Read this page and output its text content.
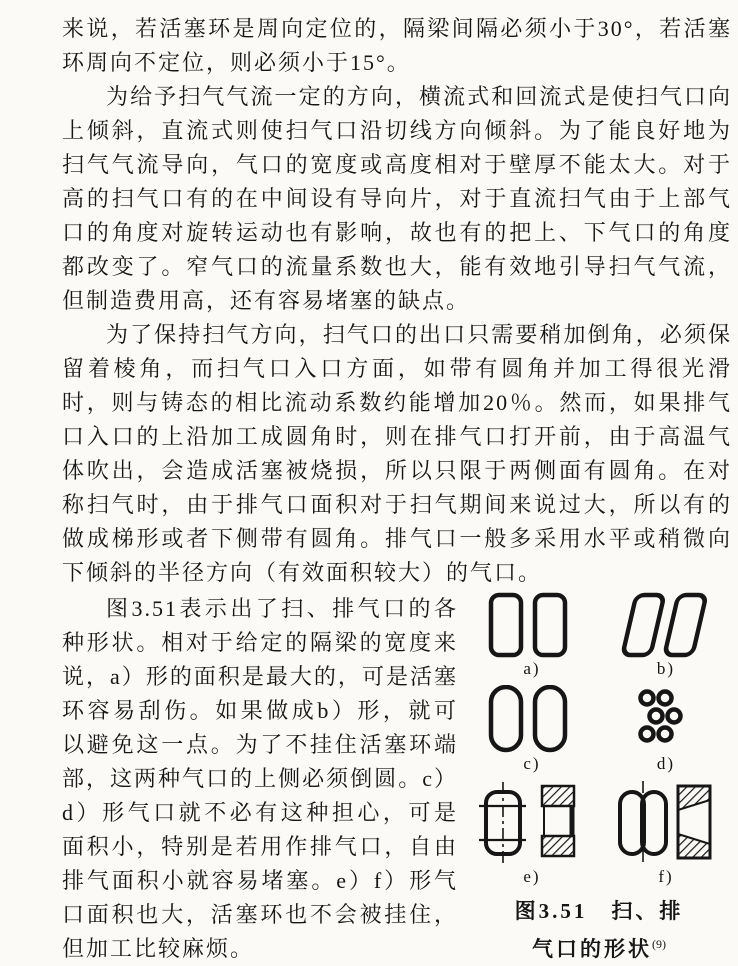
来说，若活塞环是周向定位的，隔梁间隔必须小于30°，若活塞环周向不定位，则必须小于15°。

为给予扫气气流一定的方向，横流式和回流式是使扫气口向上倾斜，直流式则使扫气口沿切线方向倾斜。为了能良好地为扫气气流导向，气口的宽度或高度相对于壁厚不能太大。对于高的扫气口有的在中间设有导向片，对于直流扫气由于上部气口的角度对旋转运动也有影响，故也有的把上、下气口的角度都改变了。窄气口的流量系数也大，能有效地引导扫气气流，但制造费用高，还有容易堵塞的缺点。

为了保持扫气方向，扫气口的出口只需要稍加倒角，必须保留着棱角，而扫气口入口方面，如带有圆角并加工得很光滑时，则与铸态的相比流动系数约能增加20％。然而，如果排气口入口的上沿加工成圆角时，则在排气口打开前，由于高温气体吹出，会造成活塞被烧损，所以只限于两侧面有圆角。在对称扫气时，由于排气口面积对于扫气期间来说过大，所以有的做成梯形或者下侧带有圆角。排气口一般多采用水平或稍微向下倾斜的半径方向（有效面积较大）的气口。

图3.51表示出了扫、排气口的各种形状。相对于给定的隔梁的宽度来说，a）形的面积是最大的，可是活塞环容易刮伤。如果做成b）形，就可以避免这一点。为了不挂住活塞环端部，这两种气口的上侧必须倒圆。c）d）形气口就不必有这种担心，可是面积小，特别是若用作排气口，自由排气面积小就容易堵塞。e）f）形气口面积也大，活塞环也不会被挂住，但加工比较麻烦。

a)	b)
c)	d)
e)	f)
图3.51　扫、排
气口的形状$^{(9)}$
